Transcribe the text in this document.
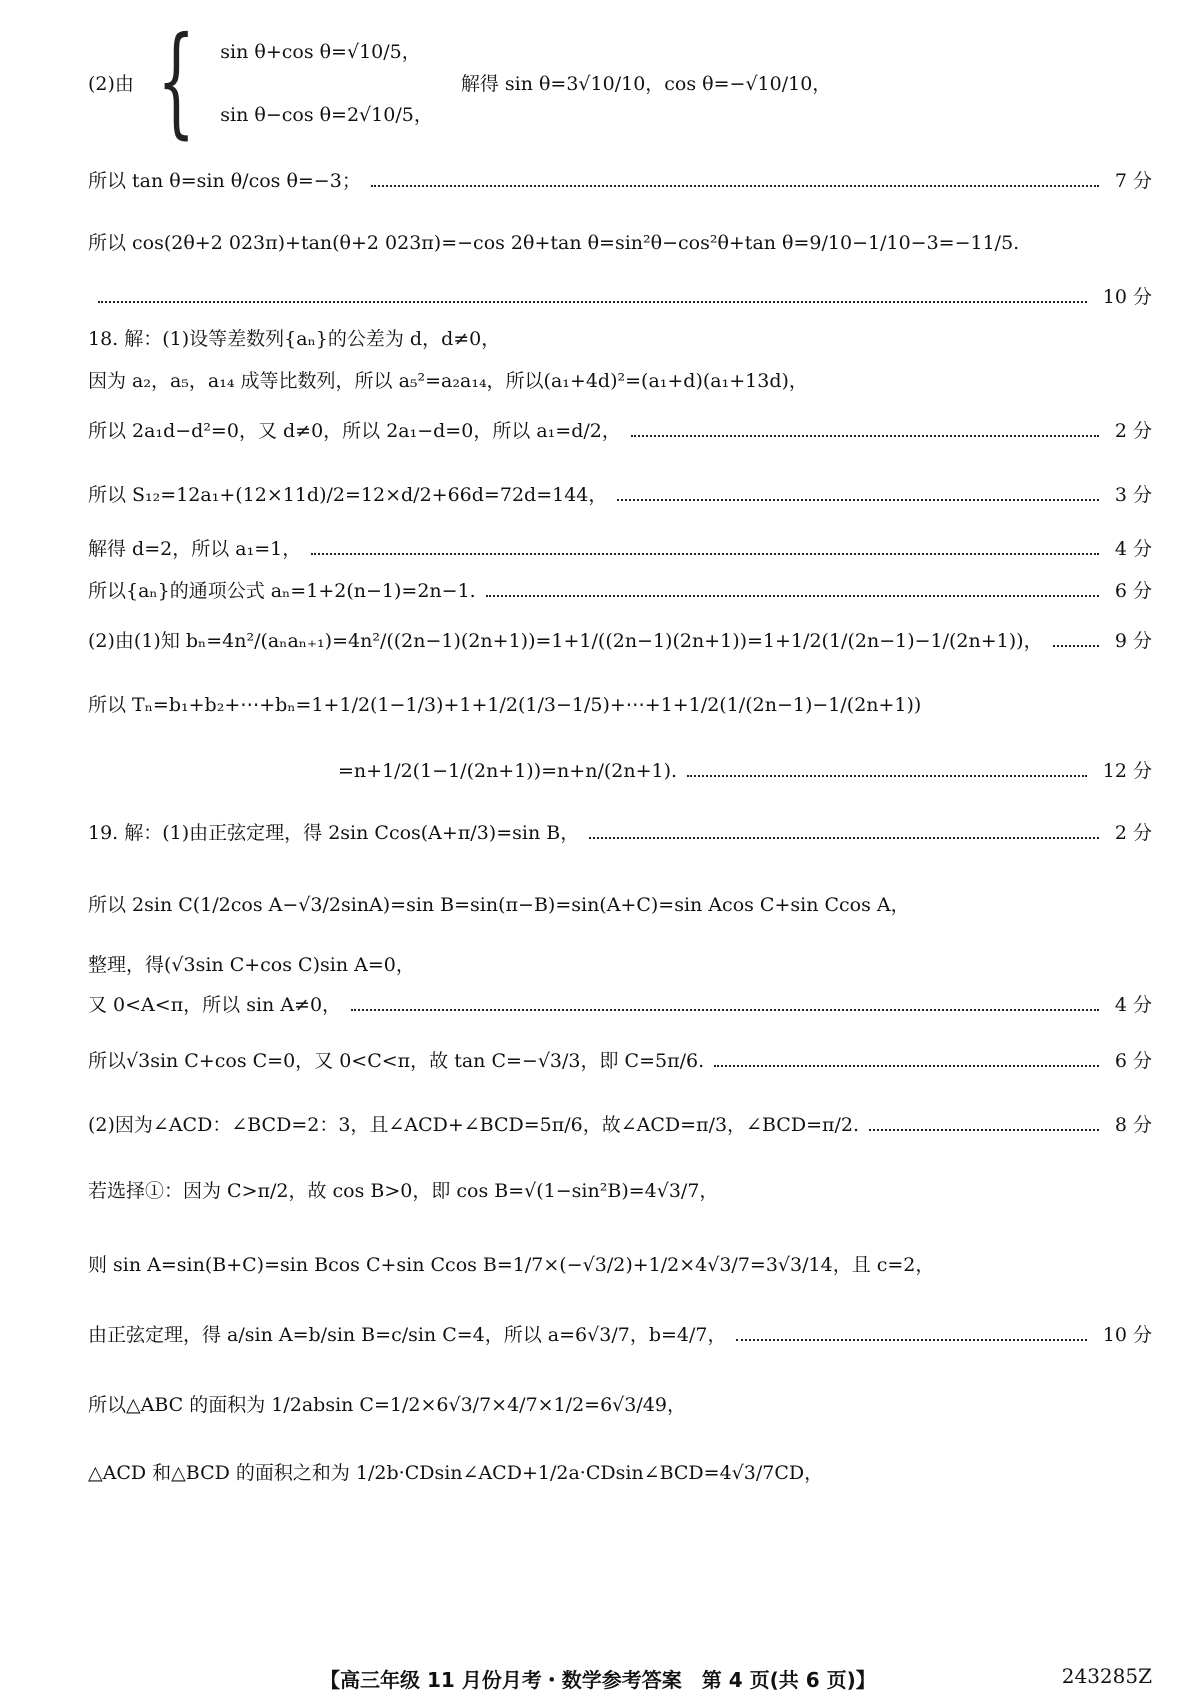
(2)由 { sin θ+cos θ=√10/5，
sin θ−cos θ=2√10/5，
解得 sin θ=3√10/10，cos θ=−√10/10，
所以 tan θ=sin θ/cos θ=−3；	7 分
所以 cos(2θ+2 023π)+tan(θ+2 023π)=−cos 2θ+tan θ=sin²θ−cos²θ+tan θ=9/10−1/10−3=−11/5.
10 分
18. 解：(1)设等差数列{aₙ}的公差为 d，d≠0，
因为 a₂，a₅，a₁₄ 成等比数列，所以 a₅²=a₂a₁₄，所以(a₁+4d)²=(a₁+d)(a₁+13d)，
所以 2a₁d−d²=0，又 d≠0，所以 2a₁−d=0，所以 a₁=d/2，	2 分
所以 S₁₂=12a₁+(12×11d)/2=12×d/2+66d=72d=144，	3 分
解得 d=2，所以 a₁=1，	4 分
所以{aₙ}的通项公式 aₙ=1+2(n−1)=2n−1.	6 分
(2)由(1)知 bₙ=4n²/(aₙaₙ₊₁)=4n²/((2n−1)(2n+1))=1+1/((2n−1)(2n+1))=1+1/2(1/(2n−1)−1/(2n+1))，	9 分
所以 Tₙ=b₁+b₂+⋯+bₙ=1+1/2(1−1/3)+1+1/2(1/3−1/5)+⋯+1+1/2(1/(2n−1)−1/(2n+1))
=n+1/2(1−1/(2n+1))=n+n/(2n+1).	12 分
19. 解：(1)由正弦定理，得 2sin Ccos(A+π/3)=sin B，	2 分
所以 2sin C(1/2cos A−√3/2sinA)=sin B=sin(π−B)=sin(A+C)=sin Acos C+sin Ccos A，
整理，得(√3sin C+cos C)sin A=0，
又 0<A<π，所以 sin A≠0，	4 分
所以√3sin C+cos C=0，又 0<C<π，故 tan C=−√3/3，即 C=5π/6.	6 分
(2)因为∠ACD：∠BCD=2：3，且∠ACD+∠BCD=5π/6，故∠ACD=π/3，∠BCD=π/2.	8 分
若选择①：因为 C>π/2，故 cos B>0，即 cos B=√(1−sin²B)=4√3/7，
则 sin A=sin(B+C)=sin Bcos C+sin Ccos B=1/7×(−√3/2)+1/2×4√3/7=3√3/14，且 c=2，
由正弦定理，得 a/sin A=b/sin B=c/sin C=4，所以 a=6√3/7，b=4/7，	10 分
所以△ABC 的面积为 1/2absin C=1/2×6√3/7×4/7×1/2=6√3/49，
△ACD 和△BCD 的面积之和为 1/2b·CDsin∠ACD+1/2a·CDsin∠BCD=4√3/7CD，
【高三年级 11 月份月考・数学参考答案　第 4 页(共 6 页)】	243285Z
